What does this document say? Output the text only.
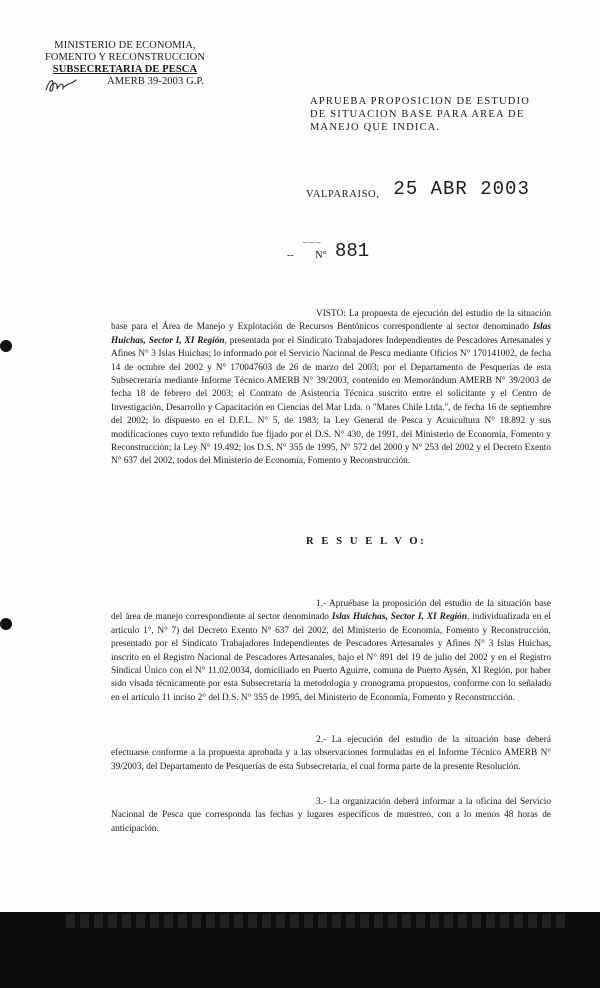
MINISTERIO DE ECONOMIA,
FOMENTO Y RECONSTRUCCION
SUBSECRETARIA DE PESCA
AMERB 39-2003 G.P.
APRUEBA PROPOSICION DE ESTUDIO DE SITUACION BASE PARA AREA DE MANEJO QUE INDICA.
VALPARAISO, 25 ABR 2003
___
-- N° 881

VISTO: La propuesta de ejecución del estudio de la situación base para el Área de Manejo y Explotación de Recursos Bentónicos correspondiente al sector denominado Islas Huichas, Sector I, XI Región, presentada por el Sindicato Trabajadores Independientes de Pescadores Artesanales y Afines N° 3 Islas Huichas; lo informado por el Servicio Nacional de Pesca mediante Oficios N° 170141002, de fecha 14 de octubre del 2002 y N° 170047603 de 26 de marzo del 2003; por el Departamento de Pesquerías de esta Subsecretaría mediante Informe Técnico AMERB N° 39/2003, contenido en Memorándum AMERB N° 39/2003 de fecha 18 de febrero del 2003; el Contrato de Asistencia Técnica suscrito entre el solicitante y el Centro de Investigación, Desarrollo y Capacitación en Ciencias del Mar Ltda. o "Mares Chile Ltda.", de fecha 16 de septiembre del 2002; lo dispuesto en el D.F.L. N° 5, de 1983; la Ley General de Pesca y Acuicultura N° 18.892 y sus modificaciones cuyo texto refundido fue fijado por el D.S. N° 430, de 1991, del Ministerio de Economía, Fomento y Reconstrucción; la Ley N° 19.492; los D.S. N° 355 de 1995, N° 572 del 2000 y N° 253 del 2002 y el Decreto Exento N° 637 del 2002, todos del Ministerio de Economía, Fomento y Reconstrucción.

R E S U E L V O:

1.- Apruébase la proposición del estudio de la situación base del área de manejo correspondiente al sector denominado Islas Huichas, Sector I, XI Región, individualizada en el artículo 1°, N° 7) del Decreto Exento N° 637 del 2002, del Ministerio de Economía, Fomento y Reconstrucción, presentado por el Sindicato Trabajadores Independientes de Pescadores Artesanales y Afines N° 3 Islas Huichas, inscrito en el Registro Nacional de Pescadores Artesanales, bajo el N° 891 del 19 de julio del 2002 y en el Registro Sindical Único con el N° 11.02.0034, domiciliado en Puerto Aguirre, comuna de Puerto Aysén, XI Región, por haber sido visada técnicamente por esta Subsecretaría la metodología y cronograma propuestos, conforme con lo señalado en el artículo 11 inciso 2° del D.S. N° 355 de 1995, del Ministerio de Economía, Fomento y Reconstrucción.

2.- La ejecución del estudio de la situación base deberá efectuarse conforme a la propuesta aprobada y a las observaciones formuladas en el Informe Técnico AMERB N° 39/2003, del Departamento de Pesquerías de esta Subsecretaría, el cual forma parte de la presente Resolución.

3.- La organización deberá informar a la oficina del Servicio Nacional de Pesca que corresponda las fechas y lugares específicos de muestreo, con a lo menos 48 horas de anticipación.
